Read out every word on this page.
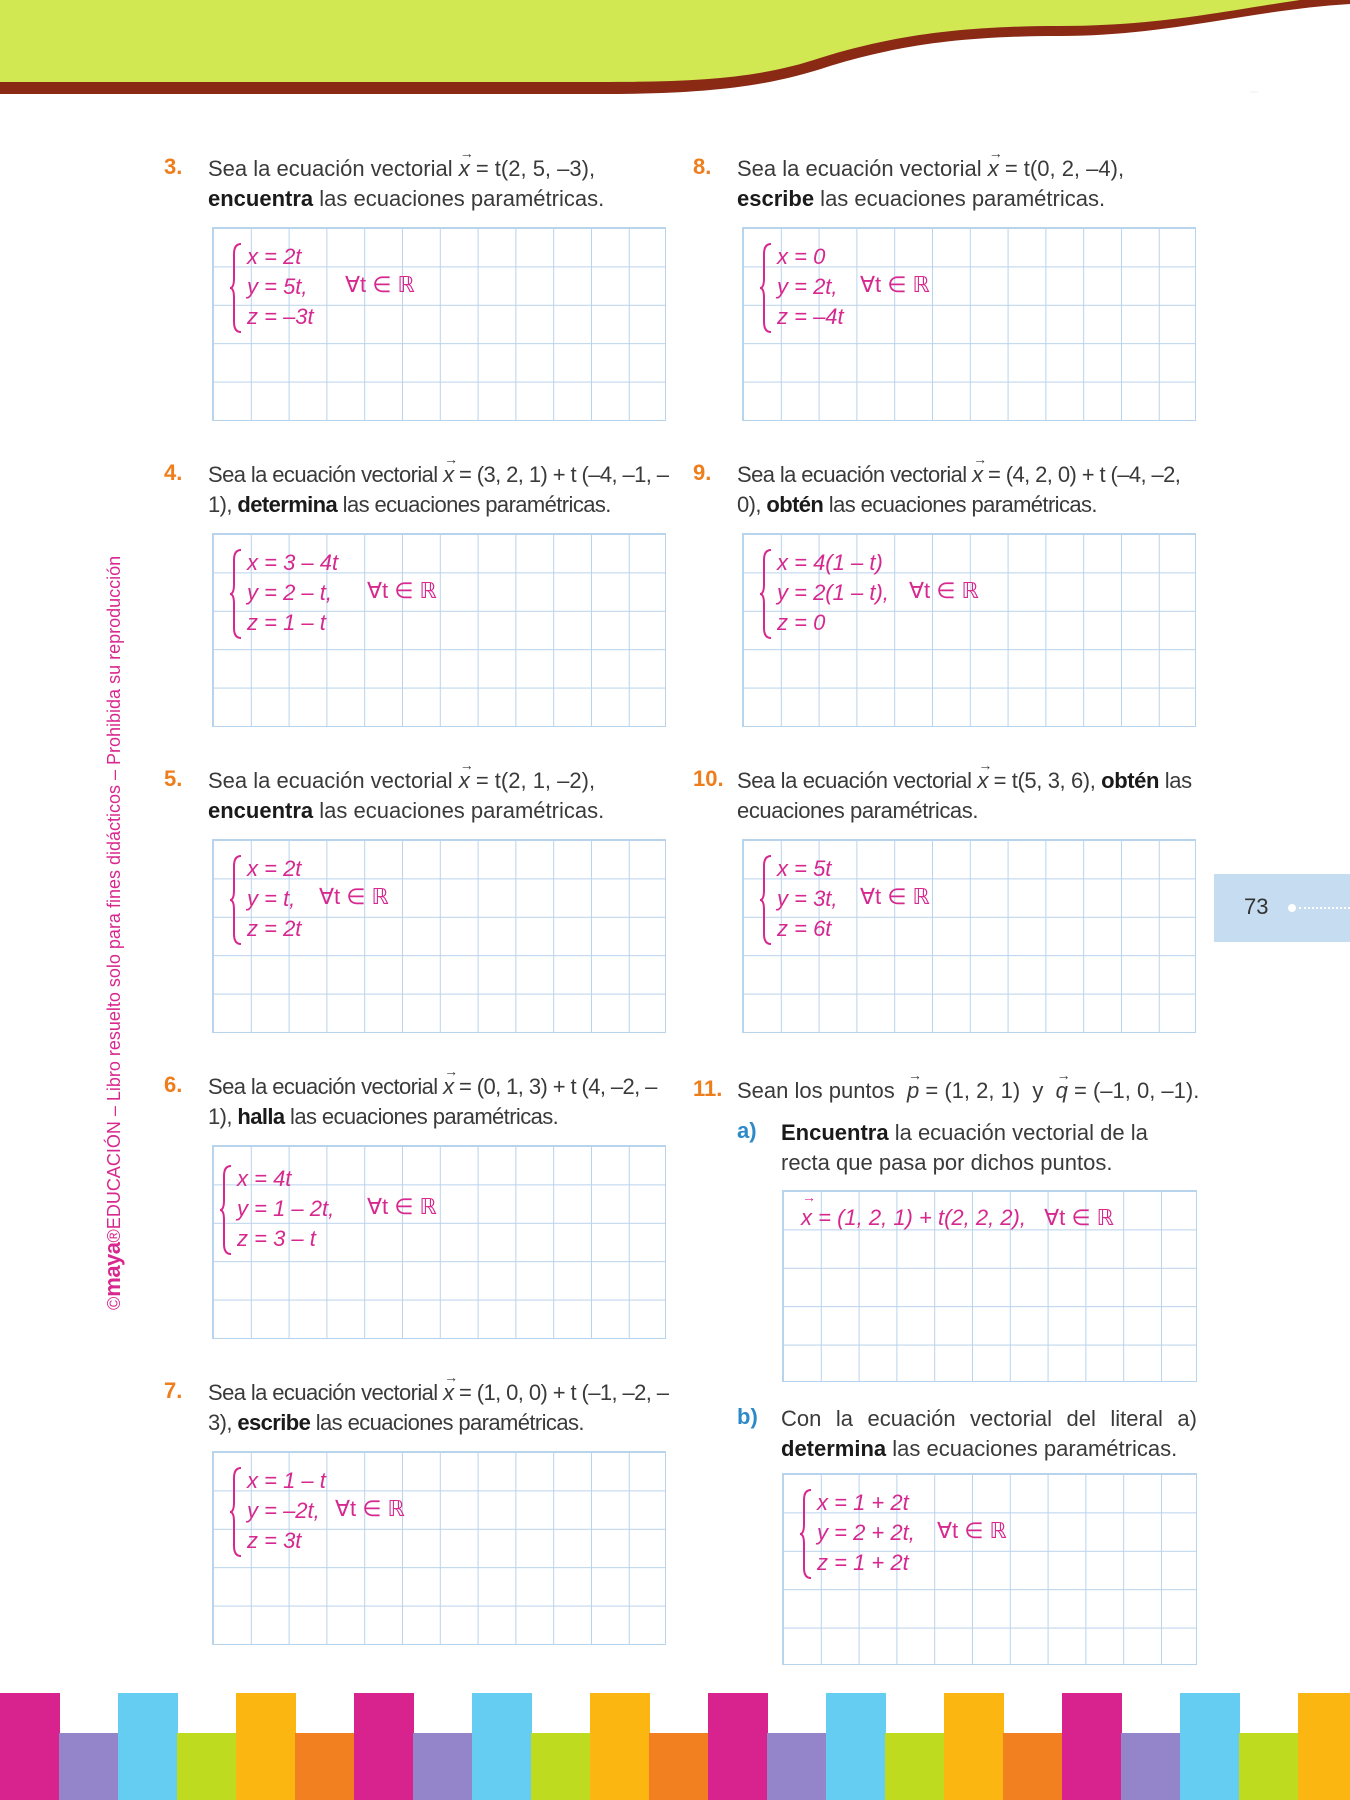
©maya®EDUCACIÓN – Libro resuelto solo para fines didácticos – Prohibida su reproducción	73
3. Sea la ecuación vectorial → x = t(2, 5, –3), encuentra las ecuaciones paramétricas.

x = 2t
y = 5t,
z = –3t
∀t ∈ ℝ
8. Sea la ecuación vectorial → x = t(0, 2, –4), escribe las ecuaciones paramétricas.

x = 0
y = 2t,
z = –4t
∀t ∈ ℝ
4. Sea la ecuación vectorial → x = (3, 2, 1) + t (–4, –1, –1), determina las ecuaciones paramétricas.

x = 3 – 4t
y = 2 – t,
z = 1 – t
∀t ∈ ℝ
9. Sea la ecuación vectorial → x = (4, 2, 0) + t (–4, –2, 0), obtén las ecuaciones paramétricas.

x = 4(1 – t)
y = 2(1 – t),
z = 0
∀t ∈ ℝ
5. Sea la ecuación vectorial → x = t(2, 1, –2), encuentra las ecuaciones paramétricas.

x = 2t
y = t,
z = 2t
∀t ∈ ℝ
10. Sea la ecuación vectorial → x = t(5, 3, 6), obtén las ecuaciones paramétricas.

x = 5t
y = 3t,
z = 6t
∀t ∈ ℝ
6. Sea la ecuación vectorial → x = (0, 1, 3) + t (4, –2, –1), halla las ecuaciones paramétricas.

x = 4t
y = 1 – 2t,
z = 3 – t
∀t ∈ ℝ
7. Sea la ecuación vectorial → x = (1, 0, 0) + t (–1, –2, –3), escribe las ecuaciones paramétricas.

x = 1 – t
y = –2t,
z = 3t
∀t ∈ ℝ
11. Sean los puntos → p = (1, 2, 1) y → q = (–1, 0, –1).

a) Encuentra la ecuación vectorial de la recta que pasa por dichos puntos.

→ x = (1, 2, 1) + t(2, 2, 2), ∀t ∈ ℝ
b) Con la ecuación vectorial del literal a) determina las ecuaciones paramétricas.

x = 1 + 2t
y = 2 + 2t,
z = 1 + 2t
∀t ∈ ℝ
